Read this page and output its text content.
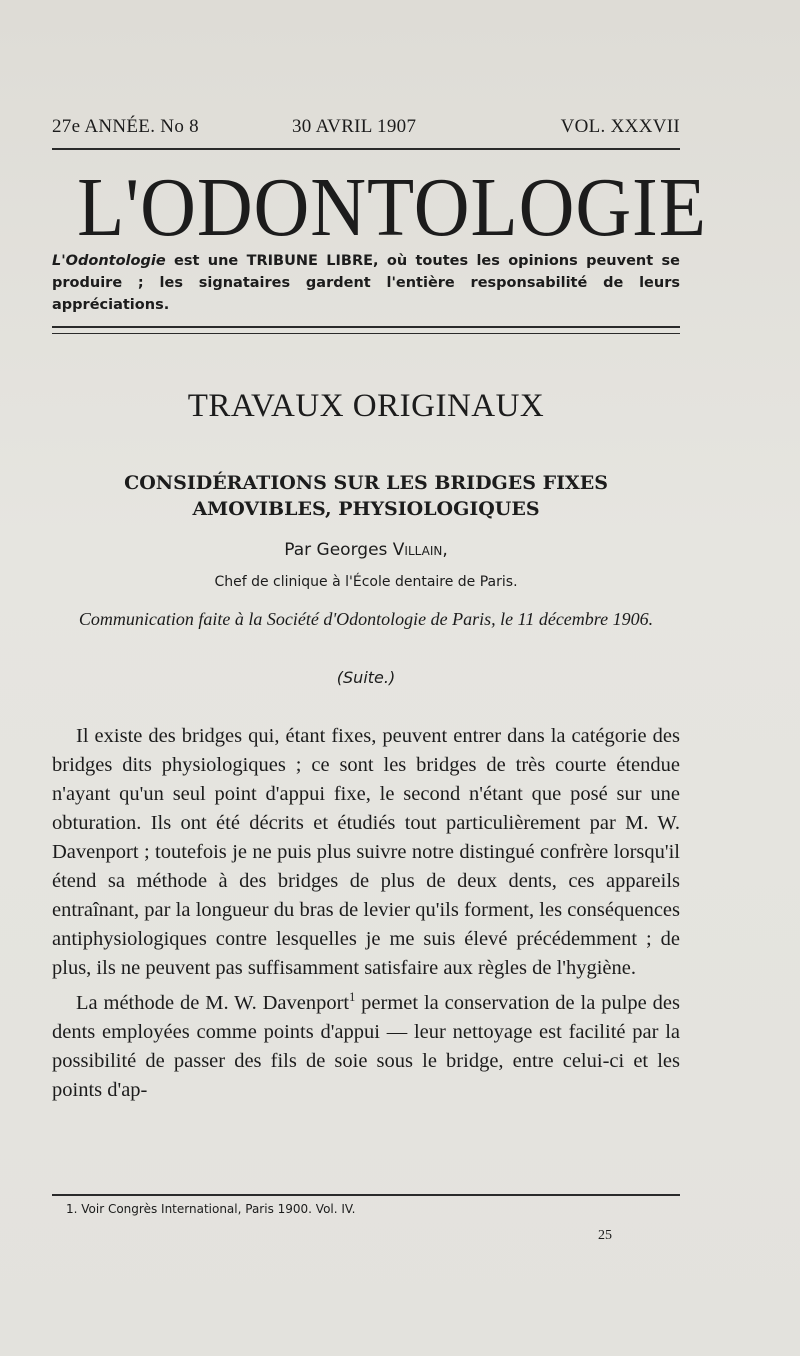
27e ANNÉE. No 8	30 AVRIL 1907	VOL. XXXVII
L'ODONTOLOGIE
L'Odontologie est une TRIBUNE LIBRE, où toutes les opinions peuvent se produire ; les signataires gardent l'entière responsabilité de leurs appréciations.
TRAVAUX ORIGINAUX
CONSIDÉRATIONS SUR LES BRIDGES FIXES AMOVIBLES, PHYSIOLOGIQUES
Par Georges Villain,
Chef de clinique à l'École dentaire de Paris.
Communication faite à la Société d'Odontologie de Paris, le 11 décembre 1906.
(Suite.)

Il existe des bridges qui, étant fixes, peuvent entrer dans la catégorie des bridges dits physiologiques ; ce sont les bridges de très courte étendue n'ayant qu'un seul point d'appui fixe, le second n'étant que posé sur une obturation. Ils ont été décrits et étudiés tout particulièrement par M. W. Davenport ; toutefois je ne puis plus suivre notre distingué confrère lorsqu'il étend sa méthode à des bridges de plus de deux dents, ces appareils entraînant, par la longueur du bras de levier qu'ils forment, les conséquences antiphysiologiques contre lesquelles je me suis élevé précédemment ; de plus, ils ne peuvent pas suffisamment satisfaire aux règles de l'hygiène.

La méthode de M. W. Davenport$^1$ permet la conservation de la pulpe des dents employées comme points d'appui — leur nettoyage est facilité par la possibilité de passer des fils de soie sous le bridge, entre celui-ci et les points d'ap-

1. Voir Congrès International, Paris 1900. Vol. IV.
25
